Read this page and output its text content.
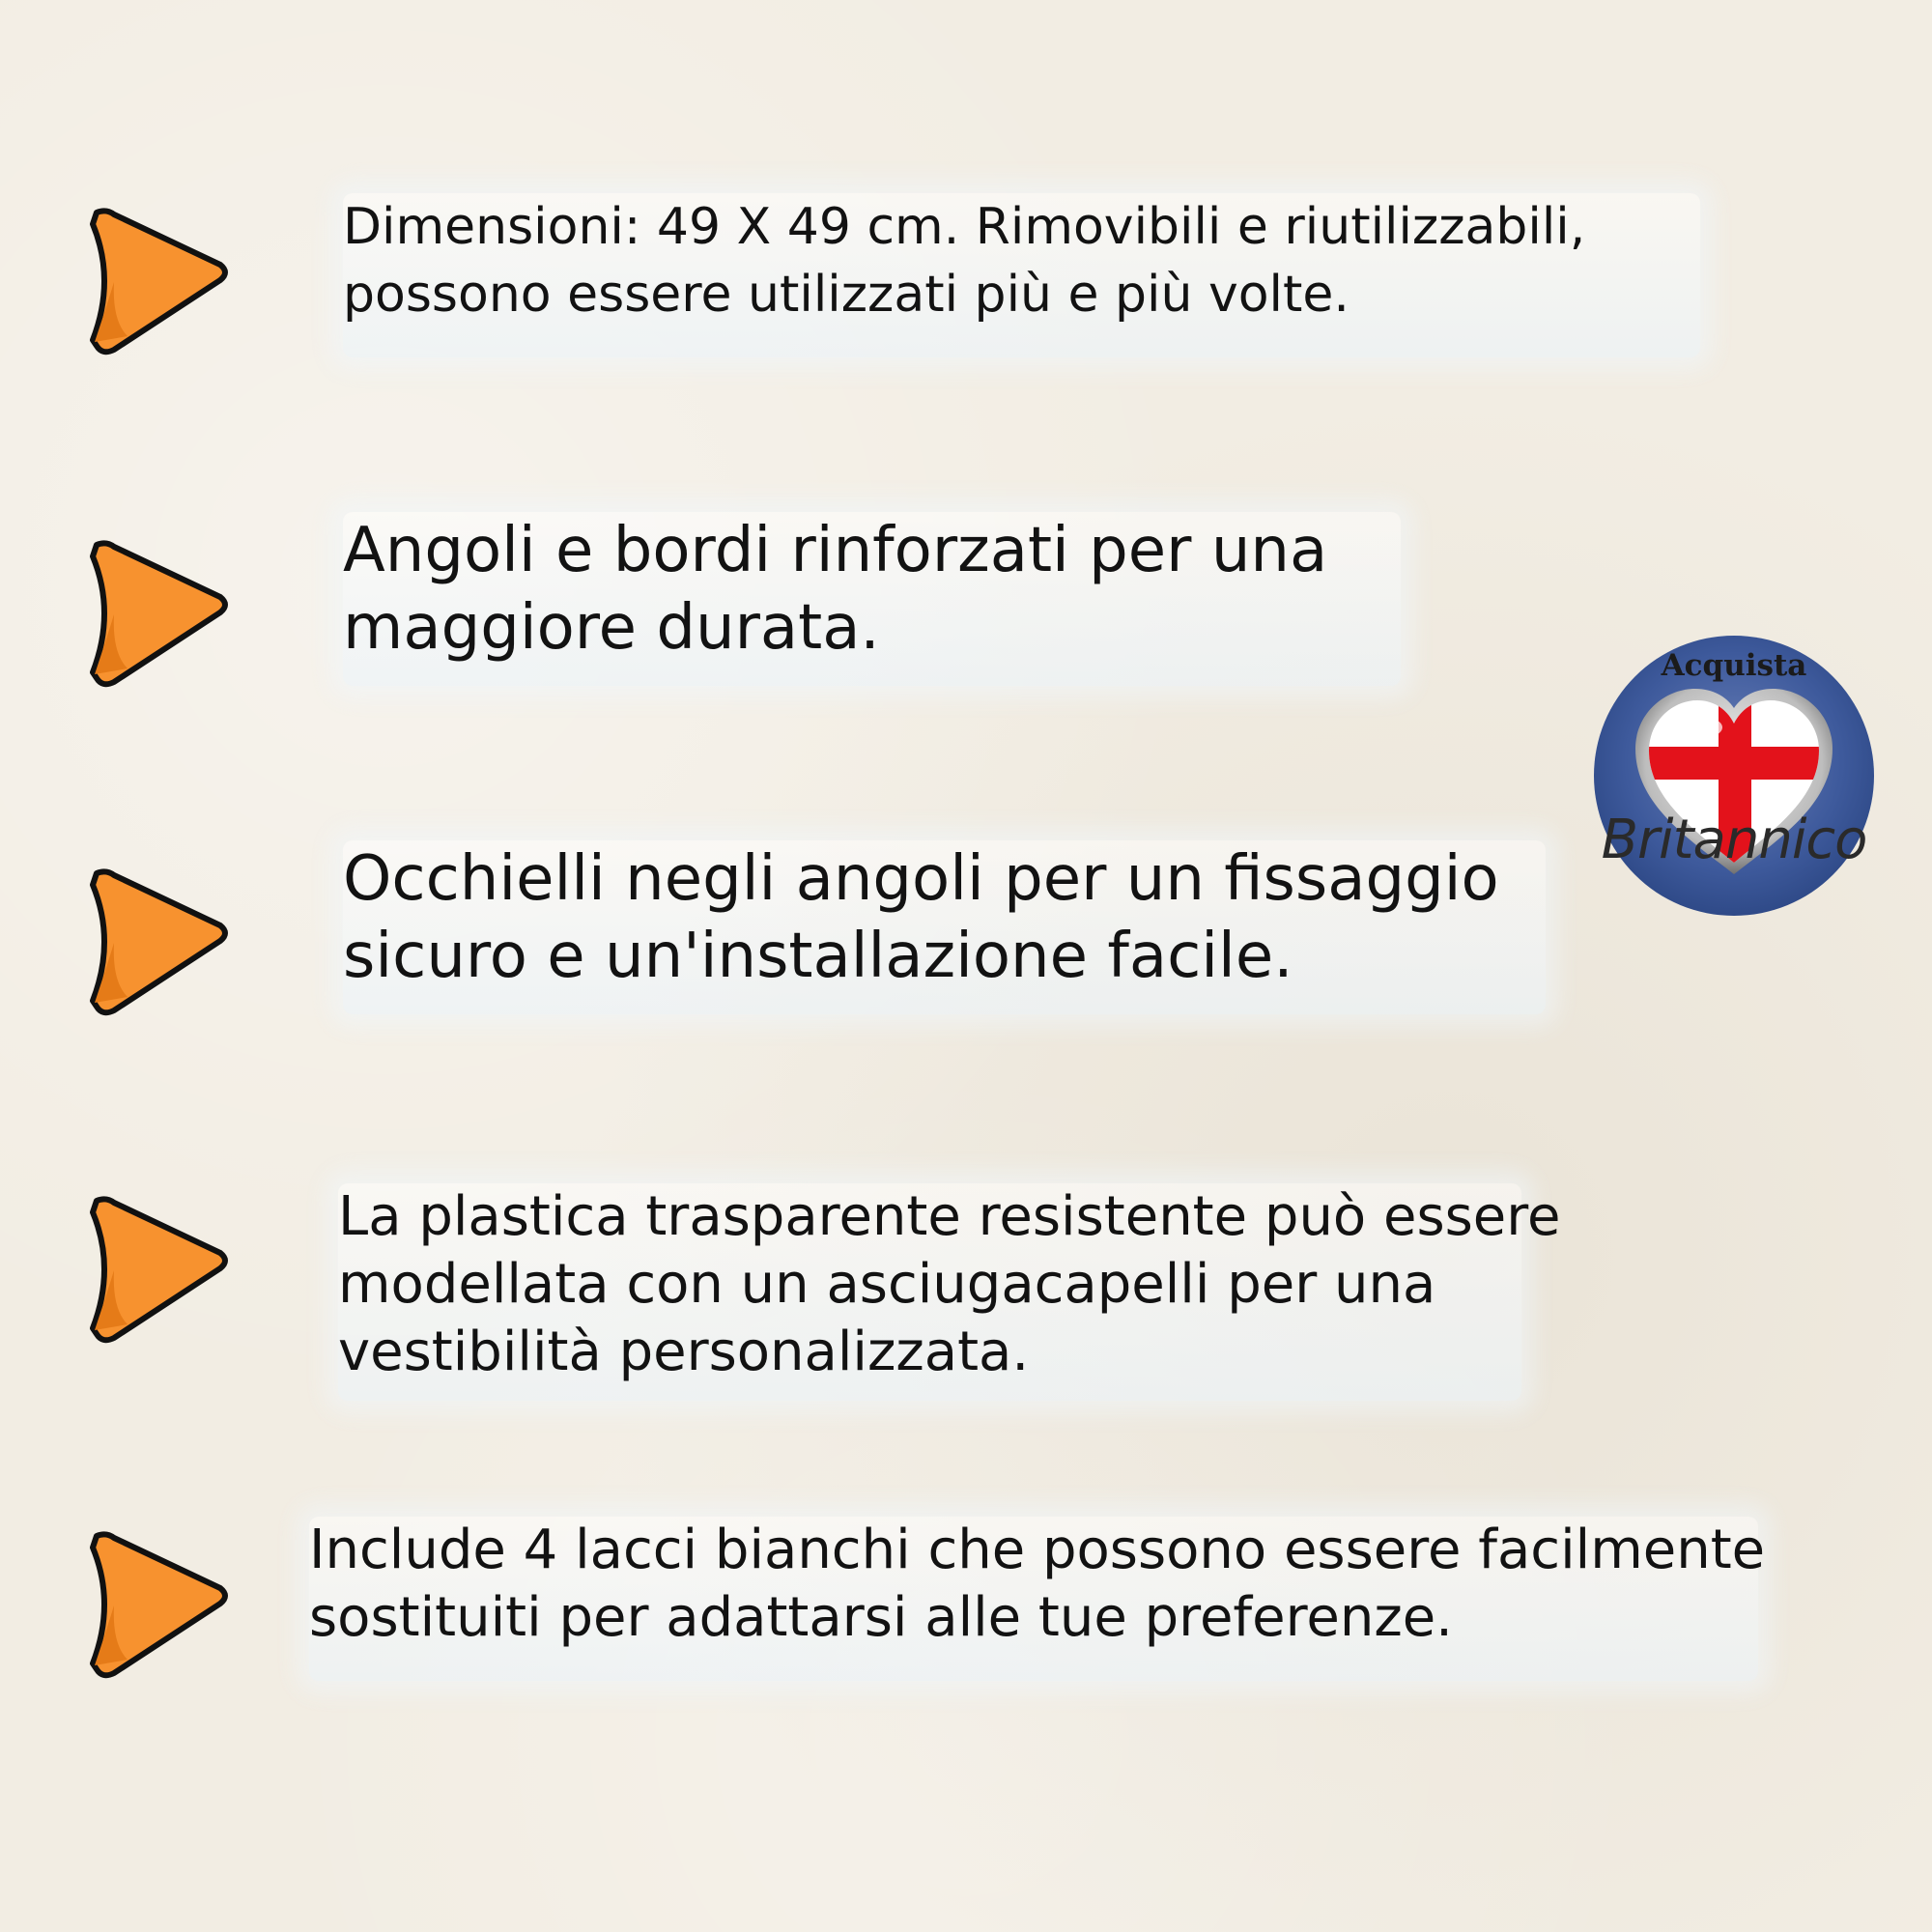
Dimensioni: 49 X 49 cm. Rimovibili e riutilizzabili,
possono essere utilizzati più e più volte.

Angoli e bordi rinforzati per una
maggiore durata.

Occhielli negli angoli per un fissaggio
sicuro e un'installazione facile.

La plastica trasparente resistente può essere
modellata con un asciugacapelli per una
vestibilità personalizzata.

Include 4 lacci bianchi che possono essere facilmente
sostituiti per adattarsi alle tue preferenze.

Acquista
Britannico
